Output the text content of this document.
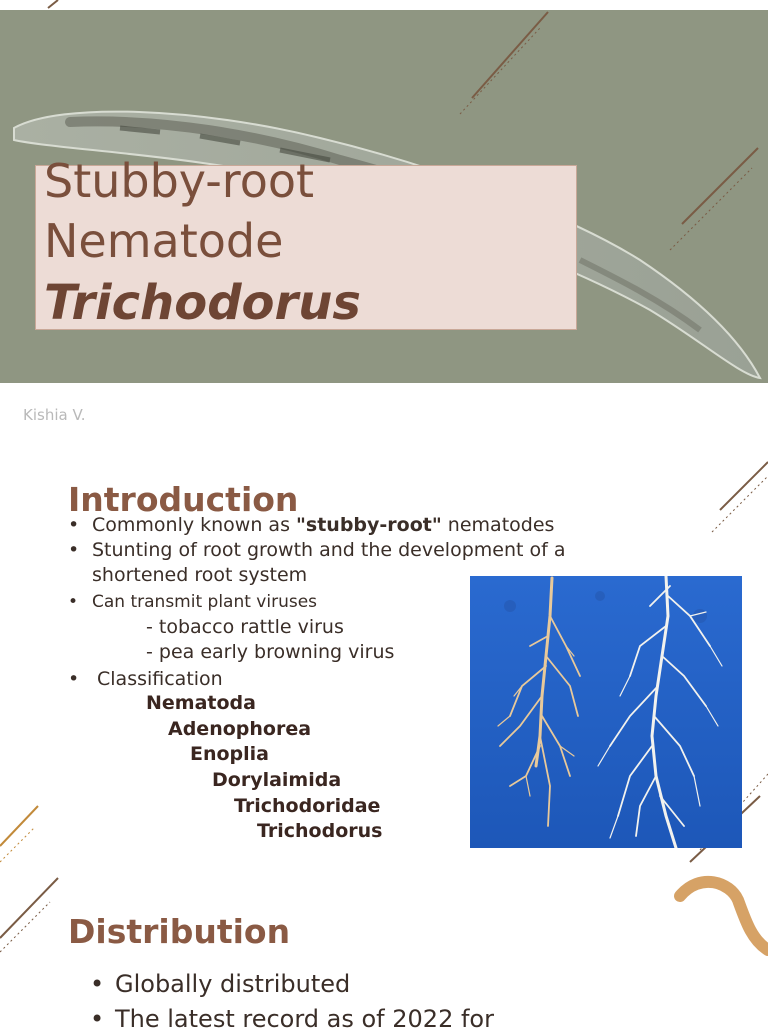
Stubby-root
Nematode
Trichodorus
Kishia V.
Introduction
• Commonly known as "stubby-root" nematodes
• Stunting of root growth and the development of a
shortened root system
• Can transmit plant viruses
- tobacco rattle virus
- pea early browning virus
• Classification
Nematoda
Adenophorea
Enoplia
Dorylaimida
Trichodoridae
Trichodorus
Distribution
• Globally distributed
• The latest record as of 2022 for
